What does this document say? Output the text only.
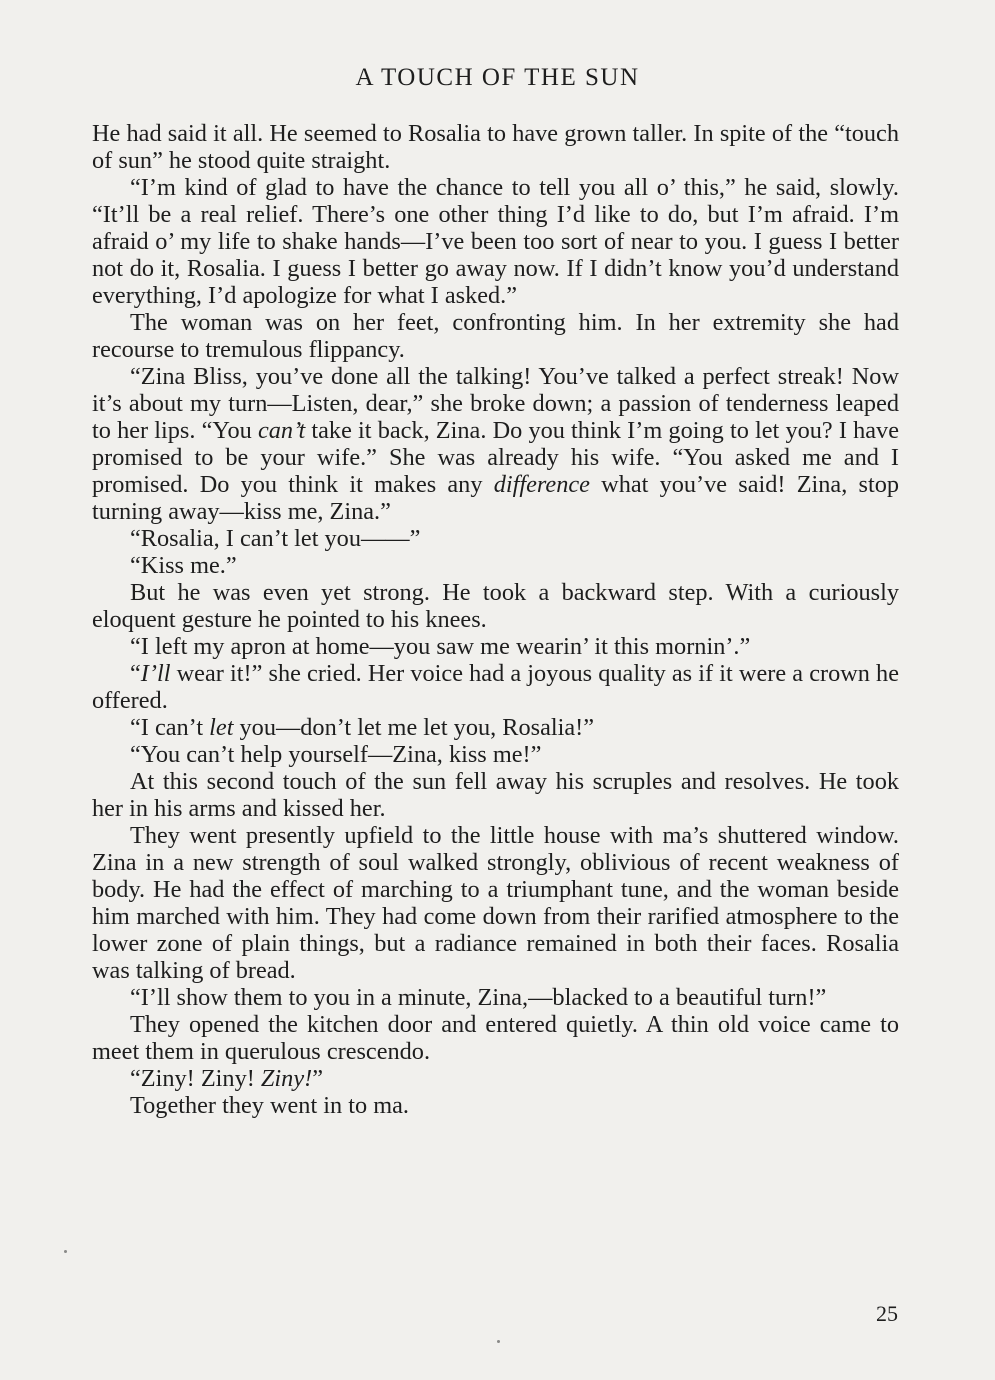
A TOUCH OF THE SUN

He had said it all. He seemed to Rosalia to have grown taller. In spite of the “touch of sun” he stood quite straight.

“I’m kind of glad to have the chance to tell you all o’ this,” he said, slowly. “It’ll be a real relief. There’s one other thing I’d like to do, but I’m afraid. I’m afraid o’ my life to shake hands—I’ve been too sort of near to you. I guess I better not do it, Rosalia. I guess I better go away now. If I didn’t know you’d understand everything, I’d apologize for what I asked.”

The woman was on her feet, confronting him. In her extremity she had recourse to tremulous flippancy.

“Zina Bliss, you’ve done all the talking! You’ve talked a perfect streak! Now it’s about my turn—Listen, dear,” she broke down; a passion of tenderness leaped to her lips. “You can’t take it back, Zina. Do you think I’m going to let you? I have promised to be your wife.” She was already his wife. “You asked me and I promised. Do you think it makes any difference what you’ve said! Zina, stop turning away—kiss me, Zina.”

“Rosalia, I can’t let you——”

“Kiss me.”

But he was even yet strong. He took a backward step. With a curiously eloquent gesture he pointed to his knees.

“I left my apron at home—you saw me wearin’ it this mornin’.”

“I’ll wear it!” she cried. Her voice had a joyous quality as if it were a crown he offered.

“I can’t let you—don’t let me let you, Rosalia!”

“You can’t help yourself—Zina, kiss me!”

At this second touch of the sun fell away his scruples and resolves. He took her in his arms and kissed her.

They went presently upfield to the little house with ma’s shuttered window. Zina in a new strength of soul walked strongly, oblivious of recent weakness of body. He had the effect of marching to a triumphant tune, and the woman beside him marched with him. They had come down from their rarified atmosphere to the lower zone of plain things, but a radiance remained in both their faces. Rosalia was talking of bread.

“I’ll show them to you in a minute, Zina,—blacked to a beautiful turn!”

They opened the kitchen door and entered quietly. A thin old voice came to meet them in querulous crescendo.

“Ziny! Ziny! Ziny!”

Together they went in to ma.

25
